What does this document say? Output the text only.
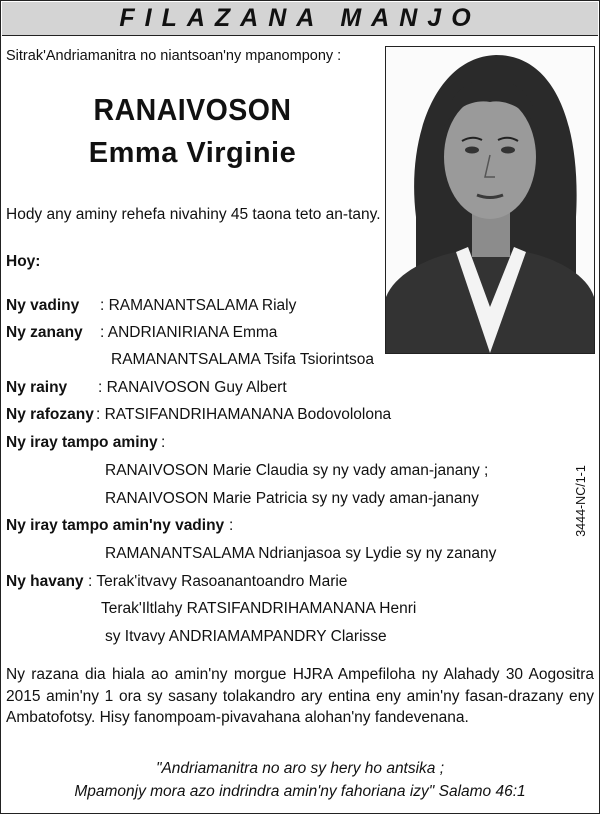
FILAZANA MANJO
Sitrak'Andriamanitra no niantsoan'ny mpanompony :
RANAIVOSON
Emma Virginie
Hody any aminy rehefa nivahiny 45 taona teto an-tany.
Hoy:
Ny vadiny : RAMANANTSALAMA Rialy
Ny zanany : ANDRIANIRIANA Emma
RAMANANTSALAMA Tsifa Tsiorintsoa
Ny rainy : RANAIVOSON Guy Albert
Ny rafozany : RATSIFANDRIHAMANANA Bodovololona
Ny iray tampo aminy :
RANAIVOSON Marie Claudia sy ny vady aman-janany ;
RANAIVOSON Marie Patricia sy ny vady aman-janany
Ny iray tampo amin'ny vadiny :
RAMANANTSALAMA Ndrianjasoa sy Lydie sy ny zanany
Ny havany : Terak'itvavy Rasoanantoandro Marie
Terak'Iltlahy RATSIFANDRIHAMANANA Henri
sy Itvavy ANDRIAMAMPANDRY Clarisse
3444-NC/1-1
Ny razana dia hiala ao amin'ny morgue HJRA Ampefiloha ny Alahady 30 Aogositra 2015 amin'ny 1 ora sy sasany tolakandro ary entina eny amin'ny fasan-drazany eny Ambatofotsy. Hisy fanompoam-pivavahana alohan'ny fandevenana.
"Andriamanitra no aro sy hery ho antsika ;
Mpamonjy mora azo indrindra amin'ny fahoriana izy" Salamo 46:1
